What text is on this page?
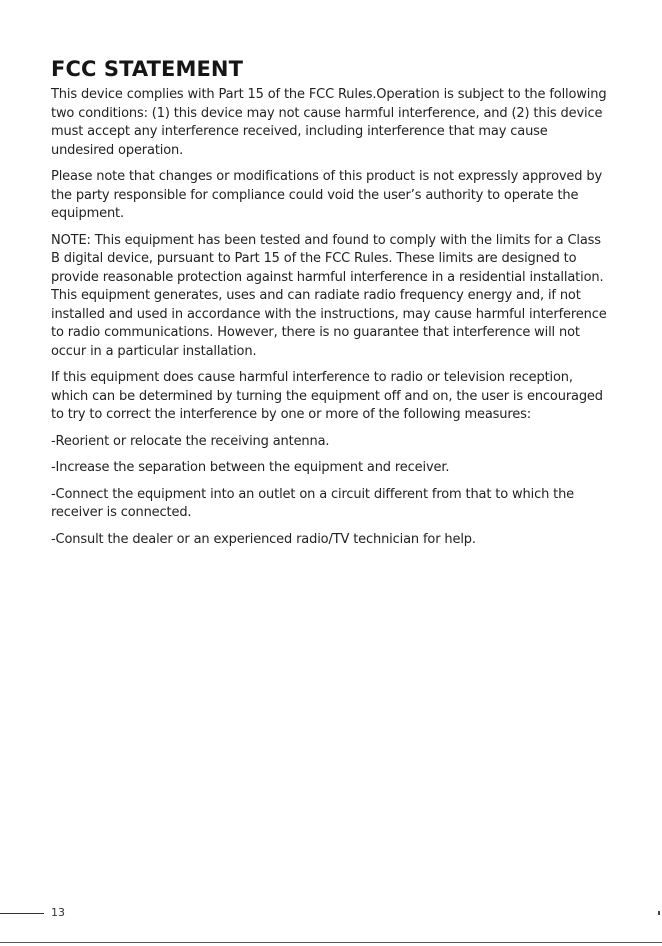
FCC STATEMENT

This device complies with Part 15 of the FCC Rules.Operation is subject to the following two conditions: (1) this device may not cause harmful interference, and (2) this device must accept any interference received, including interference that may cause undesired operation.

Please note that changes or modifications of this product is not expressly approved by the party responsible for compliance could void the user’s authority to operate the equipment.

NOTE: This equipment has been tested and found to comply with the limits for a Class B digital device, pursuant to Part 15 of the FCC Rules. These limits are designed to provide reasonable protection against harmful interference in a residential installation. This equipment generates, uses and can radiate radio frequency energy and, if not installed and used in accordance with the instructions, may cause harmful interference to radio communications. However, there is no guarantee that interference will not occur in a particular installation.

If this equipment does cause harmful interference to radio or television reception, which can be determined by turning the equipment off and on, the user is encouraged to try to correct the interference by one or more of the following measures:

-Reorient or relocate the receiving antenna.

-Increase the separation between the equipment and receiver.

-Connect the equipment into an outlet on a circuit different from that to which the receiver is connected.

-Consult the dealer or an experienced radio/TV technician for help.

13
